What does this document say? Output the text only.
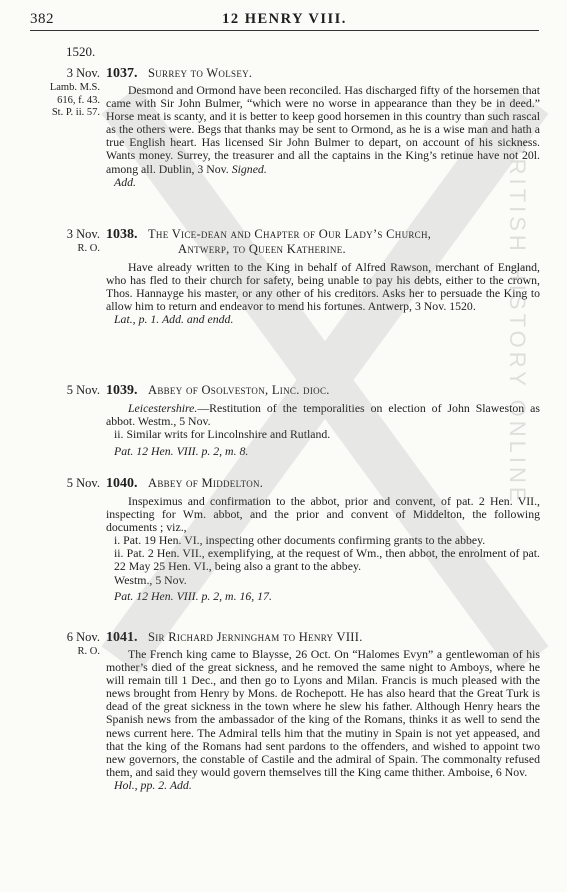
382	12 HENRY VIII.
1520.
3 Nov.
Lamb. M.S.
616, f. 43.
St. P. ii. 57.
1037. Surrey to Wolsey.

Desmond and Ormond have been reconciled. Has discharged fifty of the horsemen that came with Sir John Bulmer, “which were no worse in appearance than they be in deed.” Horse meat is scanty, and it is better to keep good horsemen in this country than such rascal as the others were. Begs that thanks may be sent to Ormond, as he is a wise man and hath a true English heart. Has licensed Sir John Bulmer to depart, on account of his sickness. Wants money. Surrey, the treasurer and all the captains in the King’s retinue have not 20l. among all. Dublin, 3 Nov. Signed.

Add.

3 Nov.
R. O.
1038. The Vice-dean and Chapter of Our Lady’s Church,
Antwerp, to Queen Katherine.

Have already written to the King in behalf of Alfred Rawson, merchant of England, who has fled to their church for safety, being unable to pay his debts, either to the crown, Thos. Hannayge his master, or any other of his creditors. Asks her to persuade the King to allow him to return and endeavor to mend his fortunes. Antwerp, 3 Nov. 1520.

Lat., p. 1. Add. and endd.

5 Nov. 1039. Abbey of Osolveston, Linc. dioc.

Leicestershire.—Restitution of the temporalities on election of John Slaweston as abbot. Westm., 5 Nov.

ii. Similar writs for Lincolnshire and Rutland.

Pat. 12 Hen. VIII. p. 2, m. 8.

5 Nov. 1040. Abbey of Middelton.

Inspeximus and confirmation to the abbot, prior and convent, of pat. 2 Hen. VII., inspecting for Wm. abbot, and the prior and convent of Middelton, the following documents ; viz.,

i. Pat. 19 Hen. VI., inspecting other documents confirming grants to the abbey.

ii. Pat. 2 Hen. VII., exemplifying, at the request of Wm., then abbot, the enrolment of pat. 22 May 25 Hen. VI., being also a grant to the abbey.

Westm., 5 Nov.

Pat. 12 Hen. VIII. p. 2, m. 16, 17.

6 Nov.
R. O.
1041. Sir Richard Jerningham to Henry VIII.

The French king came to Blaysse, 26 Oct. On “Halomes Evyn” a gentlewoman of his mother’s died of the great sickness, and he removed the same night to Amboys, where he will remain till 1 Dec., and then go to Lyons and Milan. Francis is much pleased with the news brought from Henry by Mons. de Rochepott. He has also heard that the Great Turk is dead of the great sickness in the town where he slew his father. Although Henry hears the Spanish news from the ambassador of the king of the Romans, thinks it as well to send the news current here. The Admiral tells him that the mutiny in Spain is not yet appeased, and that the king of the Romans had sent pardons to the offenders, and wished to appoint two new governors, the constable of Castile and the admiral of Spain. The commonalty refused them, and said they would govern themselves till the King came thither. Amboise, 6 Nov.

Hol., pp. 2. Add.

BRITISH HISTORY ONLINE
